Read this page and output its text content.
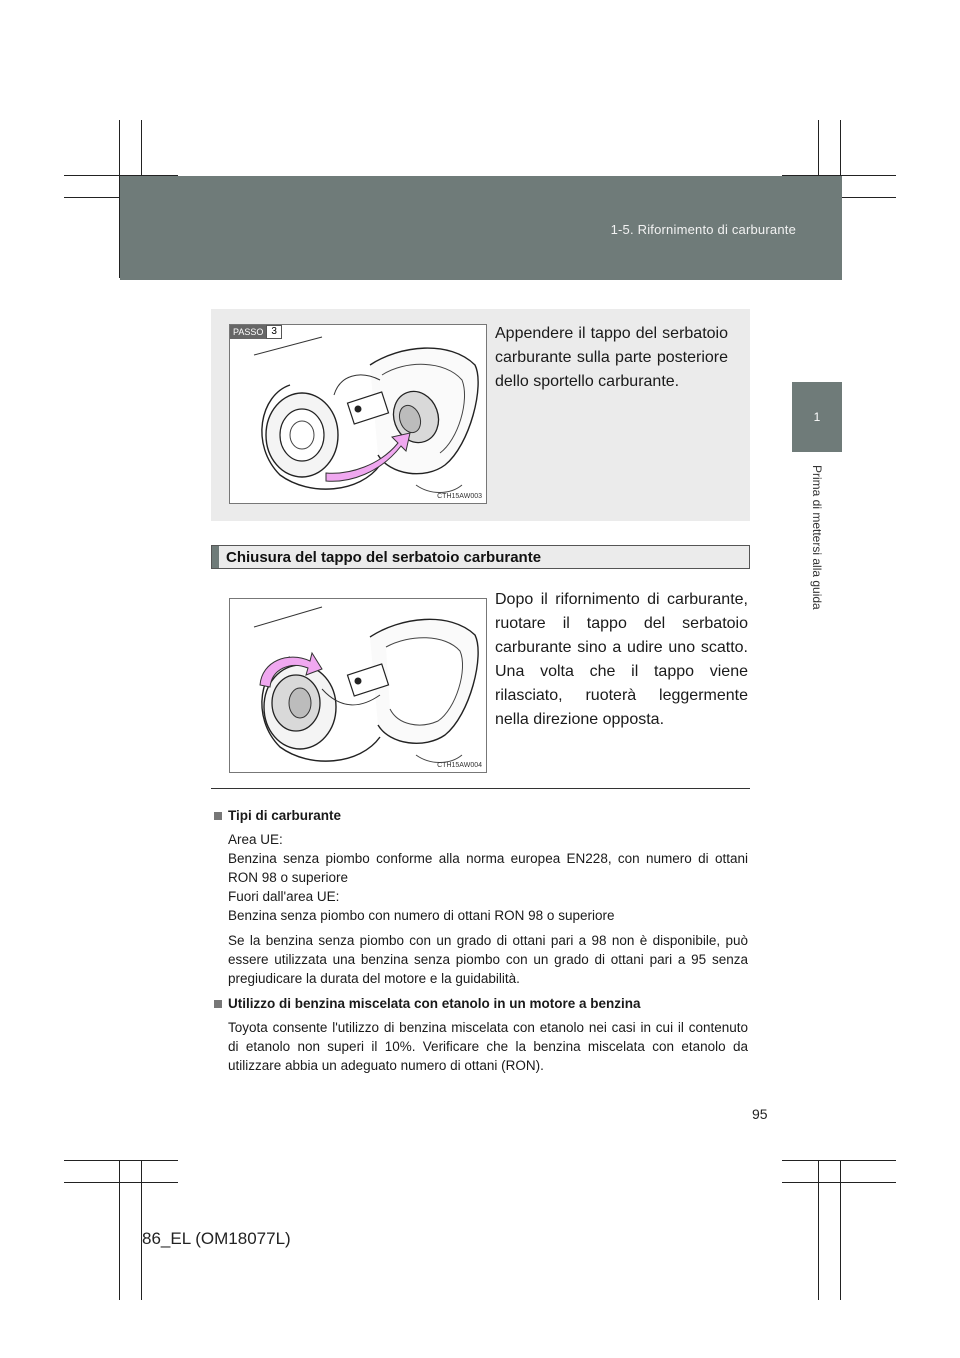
1-5. Rifornimento di carburante
1
Prima di mettersi alla guida
PASSO 3
CTH15AW003
Appendere il tappo del serbatoio carburante sulla parte posteriore dello sportello carburante.
Chiusura del tappo del serbatoio carburante
CTH15AW004
Dopo il rifornimento di carburante, ruotare il tappo del serbatoio carburante sino a udire uno scatto. Una volta che il tappo viene rilasciato, ruoterà leggermente nella direzione opposta.
Tipi di carburante

Area UE:

Benzina senza piombo conforme alla norma europea EN228, con numero di ottani RON 98 o superiore

Fuori dall'area UE:

Benzina senza piombo con numero di ottani RON 98 o superiore

Se la benzina senza piombo con un grado di ottani pari a 98 non è disponibile, può essere utilizzata una benzina senza piombo con un grado di ottani pari a 95 senza pregiudicare la durata del motore e la guidabilità.

Utilizzo di benzina miscelata con etanolo in un motore a benzina

Toyota consente l'utilizzo di benzina miscelata con etanolo nei casi in cui il contenuto di etanolo non superi il 10%. Verificare che la benzina miscelata con etanolo da utilizzare abbia un adeguato numero di ottani (RON).

95
86_EL (OM18077L)
